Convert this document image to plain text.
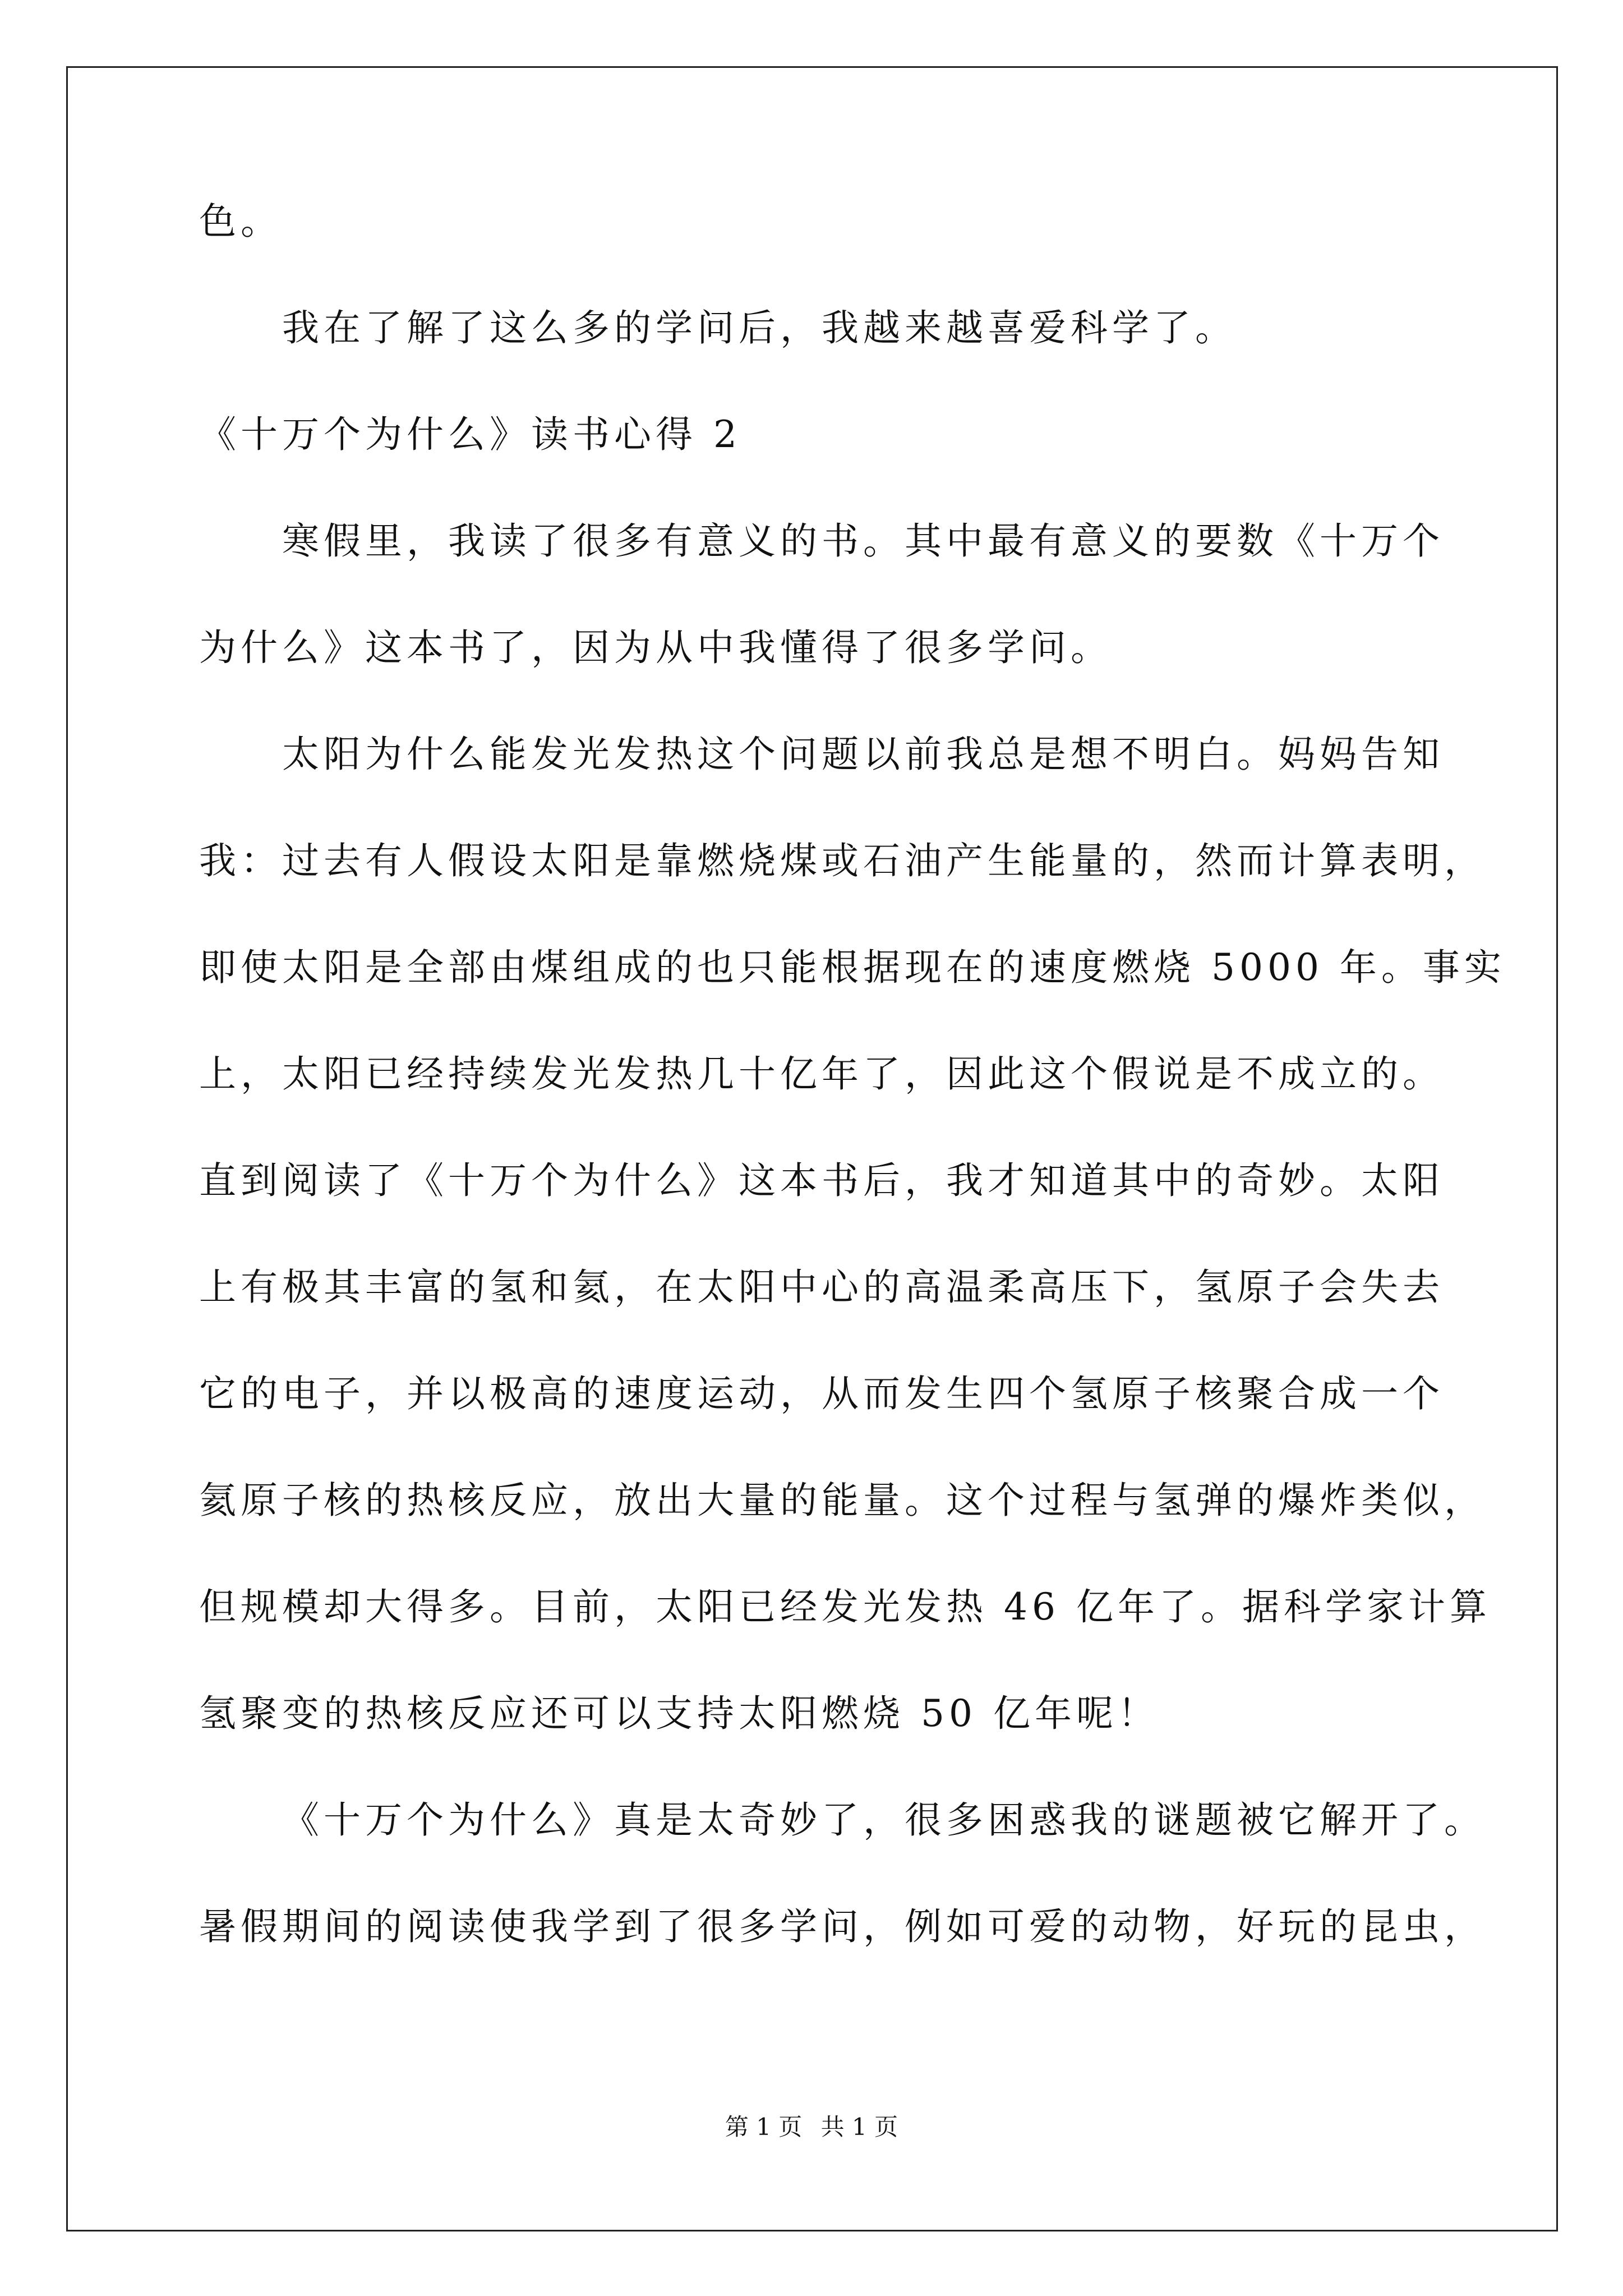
色。
我在了解了这么多的学问后，我越来越喜爱科学了。
《十万个为什么》读书心得 2
寒假里，我读了很多有意义的书。其中最有意义的要数《十万个
为什么》这本书了，因为从中我懂得了很多学问。
太阳为什么能发光发热这个问题以前我总是想不明白。妈妈告知
我：过去有人假设太阳是靠燃烧煤或石油产生能量的，然而计算表明，
即使太阳是全部由煤组成的也只能根据现在的速度燃烧 5000 年。事实
上，太阳已经持续发光发热几十亿年了，因此这个假说是不成立的。
直到阅读了《十万个为什么》这本书后，我才知道其中的奇妙。太阳
上有极其丰富的氢和氦，在太阳中心的高温柔高压下，氢原子会失去
它的电子，并以极高的速度运动，从而发生四个氢原子核聚合成一个
氦原子核的热核反应，放出大量的能量。这个过程与氢弹的爆炸类似，
但规模却大得多。目前，太阳已经发光发热 46 亿年了。据科学家计算
氢聚变的热核反应还可以支持太阳燃烧 50 亿年呢！
《十万个为什么》真是太奇妙了，很多困惑我的谜题被它解开了。
暑假期间的阅读使我学到了很多学问，例如可爱的动物，好玩的昆虫，
第 1 页 共 1 页
